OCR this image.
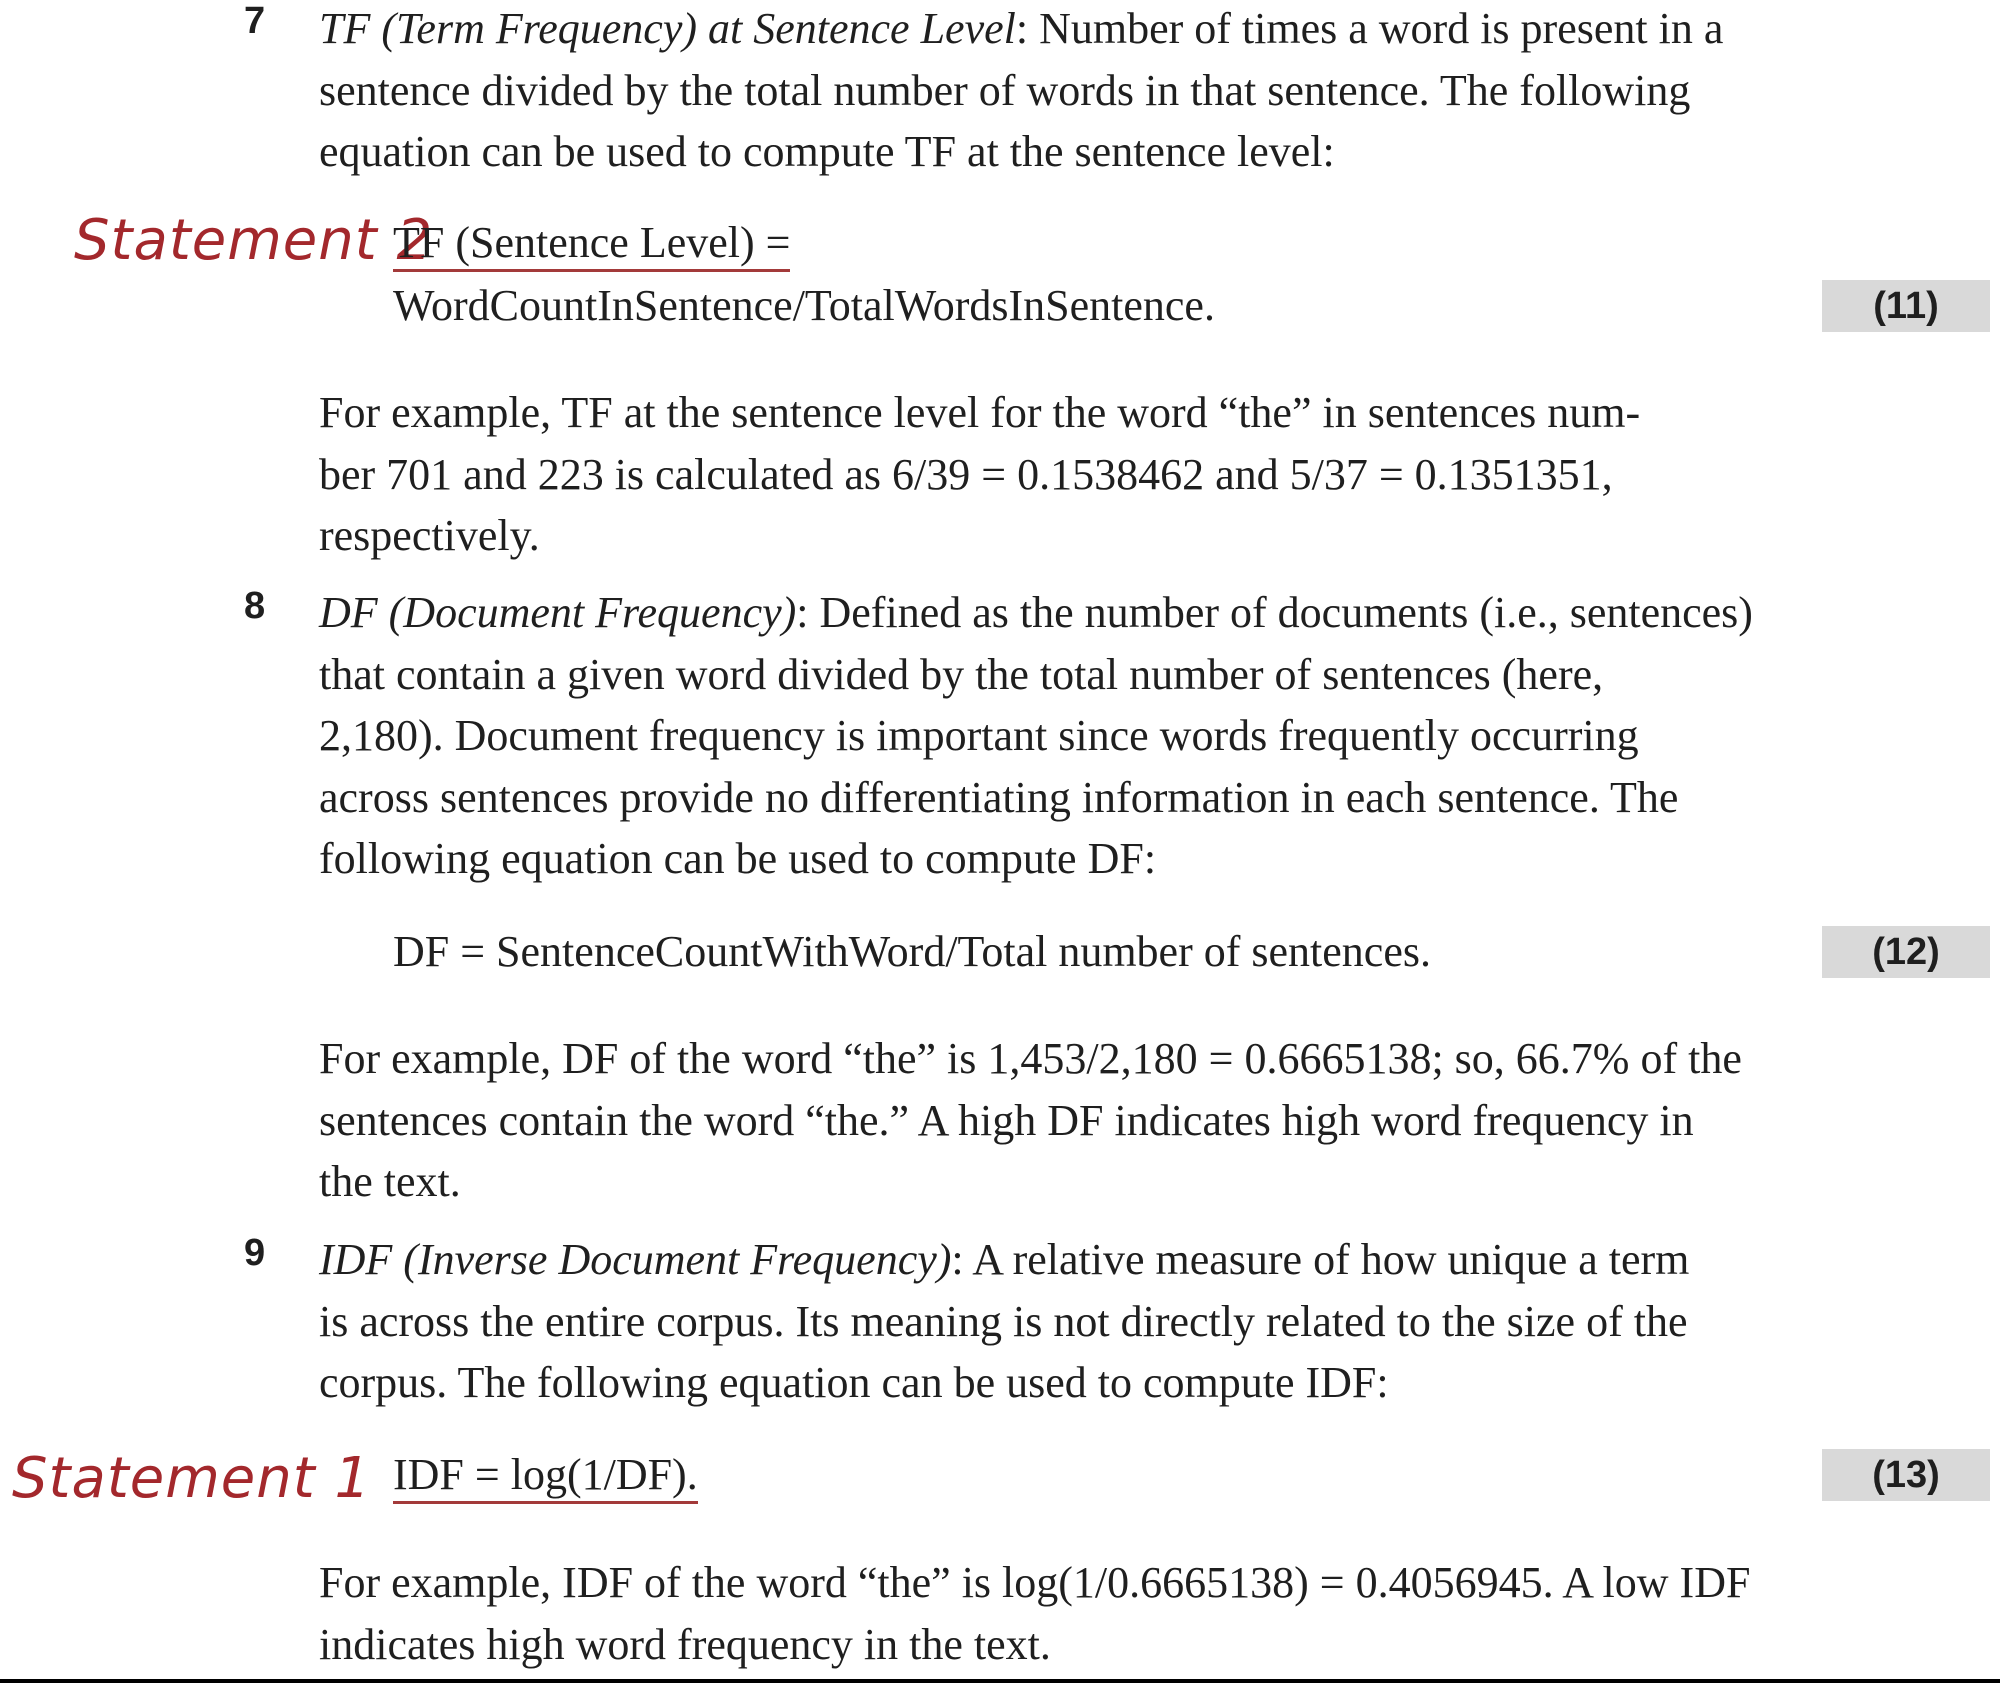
7 TF (Term Frequency) at Sentence Level: Number of times a word is present in a
sentence divided by the total number of words in that sentence. The following
equation can be used to compute TF at the sentence level:
Statement 2
TF (Sentence Level) =
WordCountInSentence/TotalWordsInSentence.	(11)
For example, TF at the sentence level for the word “the” in sentences num-
ber 701 and 223 is calculated as 6/39 = 0.1538462 and 5/37 = 0.1351351,
respectively.
8 DF (Document Frequency): Defined as the number of documents (i.e., sentences)
that contain a given word divided by the total number of sentences (here,
2,180). Document frequency is important since words frequently occurring
across sentences provide no differentiating information in each sentence. The
following equation can be used to compute DF:
DF = SentenceCountWithWord/Total number of sentences.	(12)
For example, DF of the word “the” is 1,453/2,180 = 0.6665138; so, 66.7% of the
sentences contain the word “the.” A high DF indicates high word frequency in
the text.
9 IDF (Inverse Document Frequency): A relative measure of how unique a term
is across the entire corpus. Its meaning is not directly related to the size of the
corpus. The following equation can be used to compute IDF:
Statement 1 IDF = log(1/DF).	(13)
For example, IDF of the word “the” is log(1/0.6665138) = 0.4056945. A low IDF
indicates high word frequency in the text.
